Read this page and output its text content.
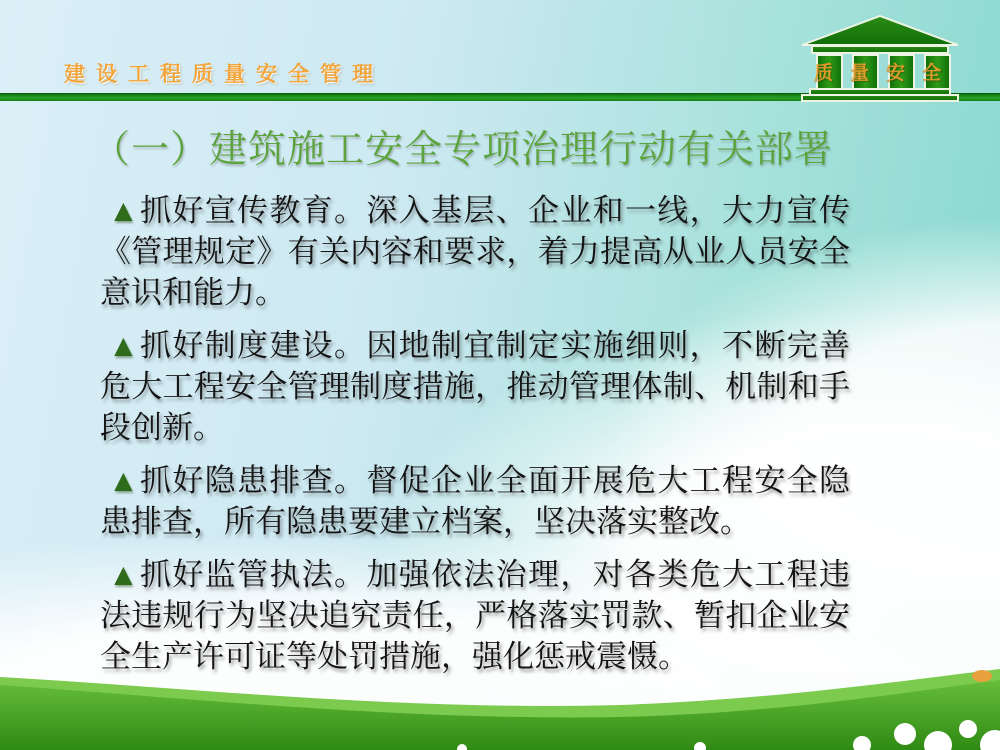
建设工程质量安全管理	质量安全
（一）建筑施工安全专项治理行动有关部署

▲抓好宣传教育。深入基层、企业和一线，大力宣传《管理规定》有关内容和要求，着力提高从业人员安全意识和能力。

▲抓好制度建设。因地制宜制定实施细则，不断完善危大工程安全管理制度措施，推动管理体制、机制和手段创新。

▲抓好隐患排查。督促企业全面开展危大工程安全隐患排查，所有隐患要建立档案，坚决落实整改。

▲抓好监管执法。加强依法治理，对各类危大工程违法违规行为坚决追究责任，严格落实罚款、暂扣企业安全生产许可证等处罚措施，强化惩戒震慑。
